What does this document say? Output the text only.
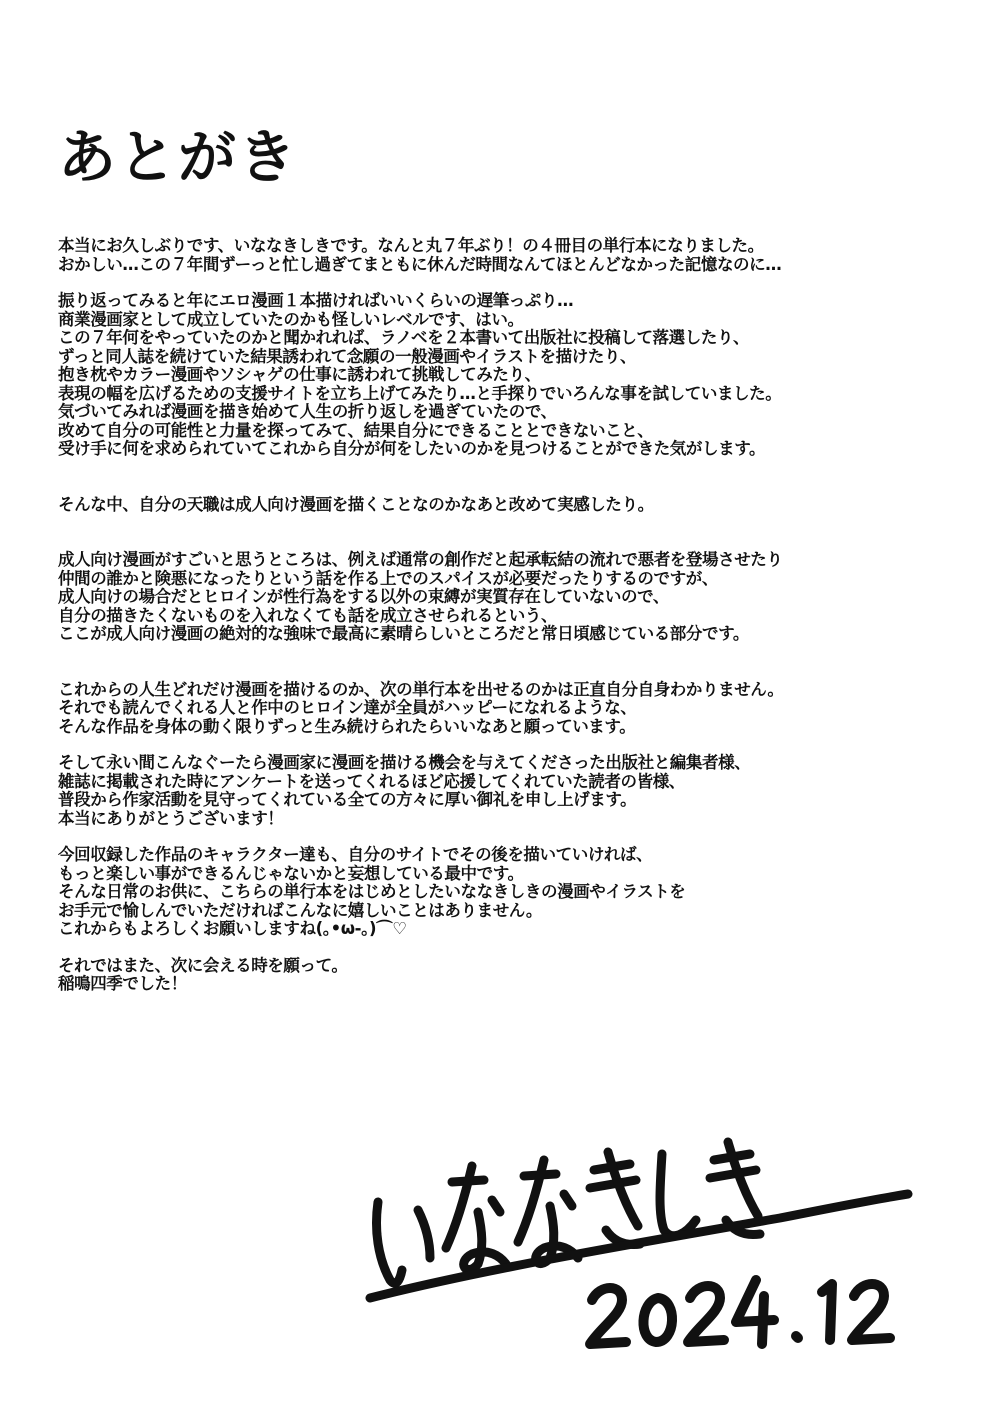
あとがき
本当にお久しぶりです、いななきしきです。なんと丸７年ぶり！の４冊目の単行本になりました。
おかしい…この７年間ずーっと忙し過ぎてまともに休んだ時間なんてほとんどなかった記憶なのに…
振り返ってみると年にエロ漫画１本描ければいいくらいの遅筆っぷり…
商業漫画家として成立していたのかも怪しいレベルです、はい。
この７年何をやっていたのかと聞かれれば、ラノベを２本書いて出版社に投稿して落選したり、
ずっと同人誌を続けていた結果誘われて念願の一般漫画やイラストを描けたり、
抱き枕やカラー漫画やソシャゲの仕事に誘われて挑戦してみたり、
表現の幅を広げるための支援サイトを立ち上げてみたり…と手探りでいろんな事を試していました。
気づいてみれば漫画を描き始めて人生の折り返しを過ぎていたので、
改めて自分の可能性と力量を探ってみて、結果自分にできることとできないこと、
受け手に何を求められていてこれから自分が何をしたいのかを見つけることができた気がします。
そんな中、自分の天職は成人向け漫画を描くことなのかなあと改めて実感したり。
成人向け漫画がすごいと思うところは、例えば通常の創作だと起承転結の流れで悪者を登場させたり
仲間の誰かと険悪になったりという話を作る上でのスパイスが必要だったりするのですが、
成人向けの場合だとヒロインが性行為をする以外の束縛が実質存在していないので、
自分の描きたくないものを入れなくても話を成立させられるという、
ここが成人向け漫画の絶対的な強味で最高に素晴らしいところだと常日頃感じている部分です。
これからの人生どれだけ漫画を描けるのか、次の単行本を出せるのかは正直自分自身わかりません。
それでも読んでくれる人と作中のヒロイン達が全員がハッピーになれるような、
そんな作品を身体の動く限りずっと生み続けられたらいいなあと願っています。
そして永い間こんなぐーたら漫画家に漫画を描ける機会を与えてくださった出版社と編集者様、
雑誌に掲載された時にアンケートを送ってくれるほど応援してくれていた読者の皆様、
普段から作家活動を見守ってくれている全ての方々に厚い御礼を申し上げます。
本当にありがとうございます！
今回収録した作品のキャラクター達も、自分のサイトでその後を描いていければ、
もっと楽しい事ができるんじゃないかと妄想している最中です。
そんな日常のお供に、こちらの単行本をはじめとしたいななきしきの漫画やイラストを
お手元で愉しんでいただければこんなに嬉しいことはありません。
これからもよろしくお願いしますね(｡•ω-｡)⌒♡
それではまた、次に会える時を願って。
稲鳴四季でした！
